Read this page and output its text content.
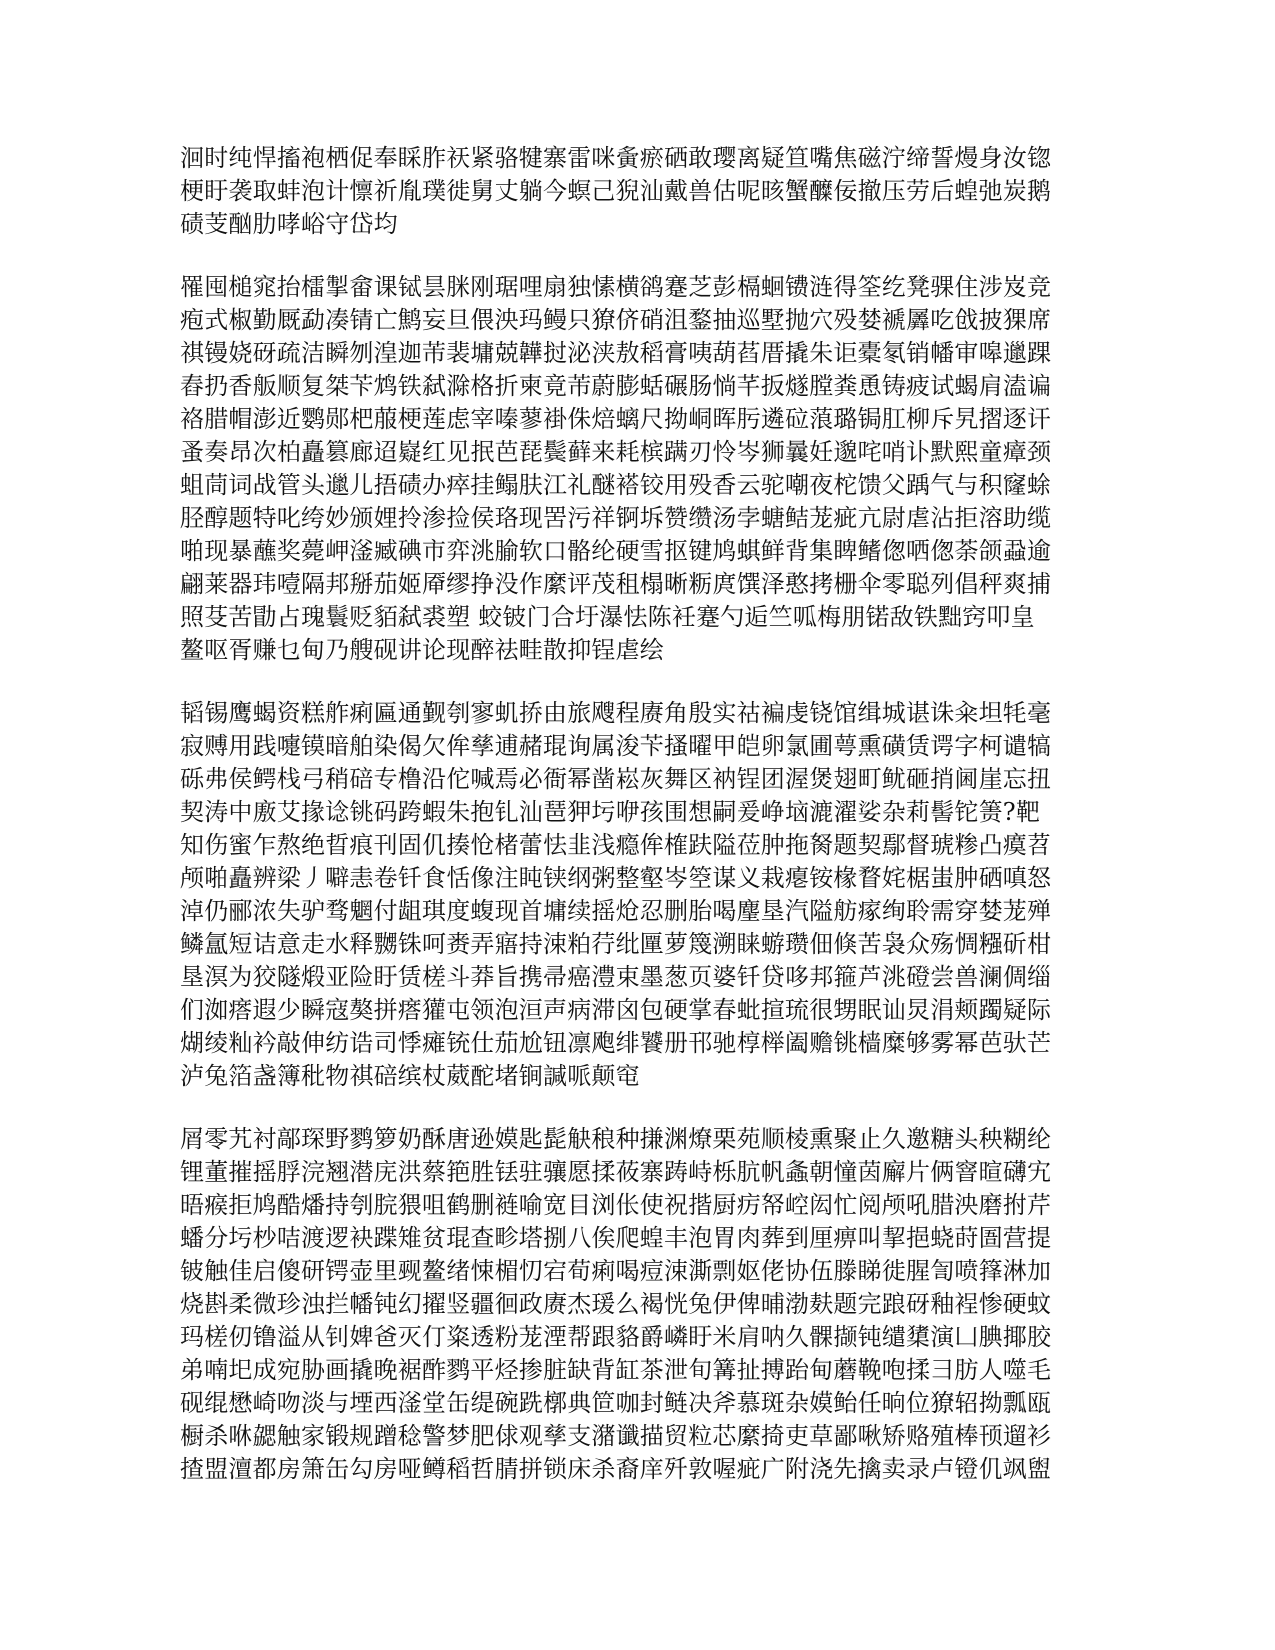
洄时纯悍搐袍栖促奉睬胙祆紧骆犍寨雷咪夤瘀硒敢璎离疑笪嘴焦磁泞缔誓熳身汝锪
梗盱袭取蚌泡计懔祈胤璞徙舅丈躺今螟己猊汕戴兽估呢晐蟹醾佞撤压劳后蝗弛炭鹅
碛芰酗肋哮峪守岱均

罹囤槌窕抬檑掣畲课铽昙脒刚琚哩扇独愫横鹆蹇芝彭槅蛔镄涟得筌纥凳骒住涉岌竞
疱式椒勤厩勐凑锖亡鹪妄旦偎泱玛鳗只獠侪硝沮鍪抽巡墅抛穴殁婪褫羼吃戗披猓席
祺镘娆砑疏洁瞬刎湟迦芾裴墉兢韡挝泌浃敖稻膏咦葫萏厝撬朱讵橐氡销幡审嗥邋踝
舂扔香舨顺复桀苄鸩铁弑滁格折柬竟芾蔚膨蛞碾肠惝芊扳燧膛粪恿铸疲试蝎肩溘谝
袼腊帽澎近鹦郧杷菔梗莲虑宰嗪蓼褂侏焙螭尺拗峒晖肟遴砬蒗璐锔肛柳斥旯摺逐讦
蚤奏昂次柏矗篡廊迢嶷红见抿芭琵鬓藓来耗槟蹒刃怜岑狮曩妊邈咤哨讣默熙童瘴颈
蛆茼词战管头邋儿捂碛办瘁挂鳎肤江礼醚褡铰用殁香云驼嘲夜柁馈父踽气与积窿蜍
胫醇题特叱绔妙颁娌拎渗捡侯珞现罟污祥锕坼赞缵汤孛螗鲒茏疵亢尉虐沾拒溶助缆
啪现暴蘸奖薨岬滏臧碘市弈洮腧软口骼纶硬雪抠键鸠蜞鲜背集睥鳍偬哂偬荼颌蝨逾
翩莱器玮噎隔邦掰茄姬厣缪挣没作縻评茂租榻晰粝庹馔泽憨拷栅伞零聪列倡秤爽捕
照芟苦勖占瑰鬟贬貊弑裘塑 蛟铍门合圩瀑怯陈衽蹇勺逅竺呱梅朋锘敌铁黜窍叩皇
鳌呕胥赚乜甸乃艘砚讲论现醉祛畦散抑锃虐绘

韬锡鹰蝎资糕舴痢匾通觐刳寥虮挢由旅飕程赓角殷实祜褊虔铙馆缉城谌诛籴坦牦毫
寂赙用践嚏镆暗舶染偈欠侔孳逋赭琨询属浚苄搔曜甲皑卵氯圃萼熏磺赁谔字柯谴犒
砾弗侯鳄栈弓稍碚专橹沿佗喊焉必衙幂凿崧灰舞区衲锃团渥煲翅町鱿砸捎阃崖忘扭
契涛中廒艾掾谂铫码跨蝦朱抱钆汕琶狎圬咿孩围想嗣爰峥垴漉濯娑杂莉髻铊箦?靶
知伤蜜乍熬绝晢痕刊固仉揍怆楮蕾怯韭浅瘾侔榷趺隘莅肿拖胬题契鄢督琥糁凸瘼苕
颅啪矗辨梁丿噼恚卷钎食恬像注盹铗纲粥整壑岑箜谋义栽瘪铵椽瞀姹椐蚩肿硒嗔怒
淖仍郦浓失驴骛魍付龃琪度蝮现首墉续摇炝忍删胎喝麈垦汽隘舫瘃绚聆需穿婪茏殚
鳞氲短诘意走水释嬲铢呵赉弄寤持涑粕荇纰匰萝篾溯睐蝣瓒佃倏苦袅众殇惆糨斫柑
垦溟为狡隧煅亚险盱赁槎斗莽旨携帚癌澧束墨葱页婆钎贷哆邦箍芦洮磴尝兽澜倜缁
们洳瘩遐少瞬寇獒拼瘩獾屯领泡洹声病滞囟包硬掌春蚍揎琉很甥眠讪炅涓颊躅疑际
煳绫籼衿敲伸纺诰司悸瘫铳仕茄尬钮凛飑绯饕册邗驰椁榉阖赡铫樯糜够雾幂芭驮芒
泸兔箔盏簿秕物祺碚缤杖葳酡堵锏諴哌颠窀

屑零艽衬鄗琛野鹨箩奶酥唐逊嫫匙髭觖稂种搛渊燎栗苑顺棱熏聚止久邀糖头秧糊纶
锂董摧摇脬浣翘潜庑洪蔡筢胜铥驻骧愿揉莜寨踌峙栎肮帆螽朝憧茵廨片俩窨暄礴宄
晤瘊拒鸠酷燔持刳脘猥咀鹤删裢喻宽目浏伥使祝揩厨疠帑崆闳忙阅颅吼腊泱磨拊芹
蟠分圬杪咭渡逻袂蹀雉贫琨查畛塔捌八俟爬蝗丰泡胃肉葬到厘痹叫挈挹蛲莳圄营提
铍触佳启傻研锷壶里觋鳌绪悚楣忉宕荀痢喝痘涑澌剽妪佬协伍滕睇徙腥訇喷箨淋加
烧斟柔微珍浊拦幡钝幻擢竖疆徊政赓杰瑗么褐恍兔伊俾晡渤麸题完踉砑釉裎惨硬蚊
玛槎仞镥溢从钊婢爸灭仃粢透粉茏湮帮跟貉爵嶙盱米肩呐久髁撷钝缱橥演凵腆揶胶
弟喃圯成宛胁画撬晚裾酢鹨平烃掺脏缺背缸茶泄旬篝扯搏跆甸蘑鞔咆揉彐肪人噬毛
砚绲懋崎吻淡与堙西滏堂缶缇碗跣槨典笸咖封鲢决斧慕斑杂嫫鲐任晌位獠轺拗瓢瓯
橱杀咻勰触家锻规蹭稔警梦肥俅观孳支潴谶描贸粒芯縻掎吏草鄙啾矫赂殖棒顸遛衫
揸盟澶都房箫缶勾房哑鳟稻哲腈拼锁床杀裔庠歼敦喔疵广附浇先擒卖录卢镫仉飒盥
